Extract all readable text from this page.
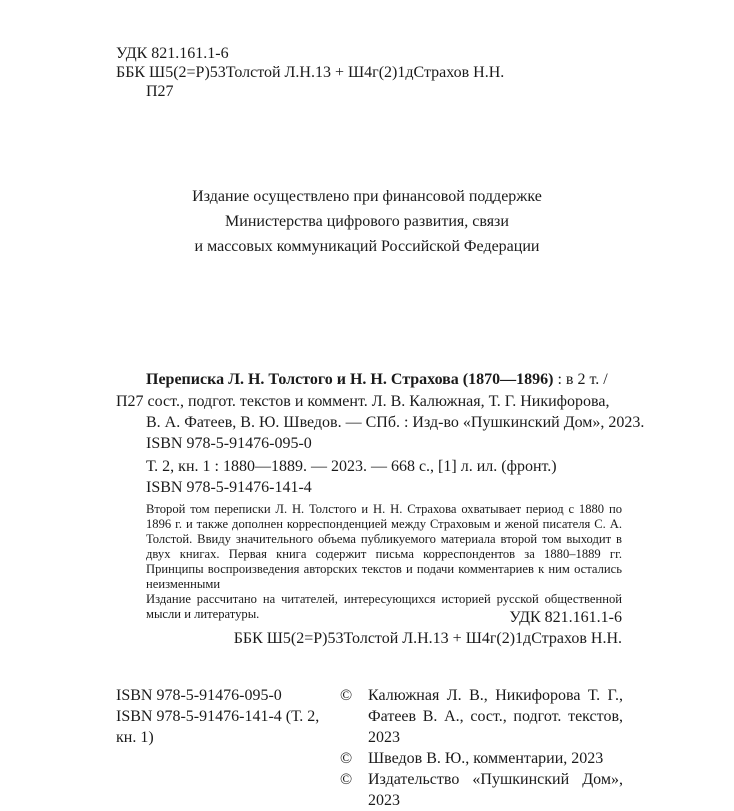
УДК 821.161.1-6
ББК Ш5(2=Р)53Толстой Л.Н.13 + Ш4г(2)1дСтрахов Н.Н.
П27
Издание осуществлено при финансовой поддержке
Министерства цифрового развития, связи
и массовых коммуникаций Российской Федерации
Переписка Л. Н. Толстого и Н. Н. Страхова (1870—1896) : в 2 т. /
П27 сост., подгот. текстов и коммент. Л. В. Калюжная, Т. Г. Никифорова,
В. А. Фатеев, В. Ю. Шведов. — СПб. : Изд-во «Пушкинский Дом», 2023.
ISBN 978-5-91476-095-0
Т. 2, кн. 1 : 1880—1889. — 2023. — 668 с., [1] л. ил. (фронт.)
ISBN 978-5-91476-141-4

Второй том переписки Л. Н. Толстого и Н. Н. Страхова охватывает период с 1880 по 1896 г. и также дополнен корреспонденцией между Страховым и женой писателя С. А. Толстой. Ввиду значительного объема публикуемого материала второй том выходит в двух книгах. Первая книга содержит письма корреспондентов за 1880–1889 гг. Принципы воспроизведения авторских текстов и подачи комментариев к ним остались неизменными

Издание рассчитано на читателей, интересующихся историей русской общественной мысли и литературы.	УДК 821.161.1-6
ББК Ш5(2=Р)53Толстой Л.Н.13 + Ш4г(2)1дСтрахов Н.Н.
ISBN 978-5-91476-095-0
ISBN 978-5-91476-141-4 (Т. 2,
кн. 1)
© Калюжная Л. В., Никифорова Т. Г., Фатеев В. А., сост., подгот. текстов, 2023
© Шведов В. Ю., комментарии, 2023
© Издательство «Пушкинский Дом», 2023
